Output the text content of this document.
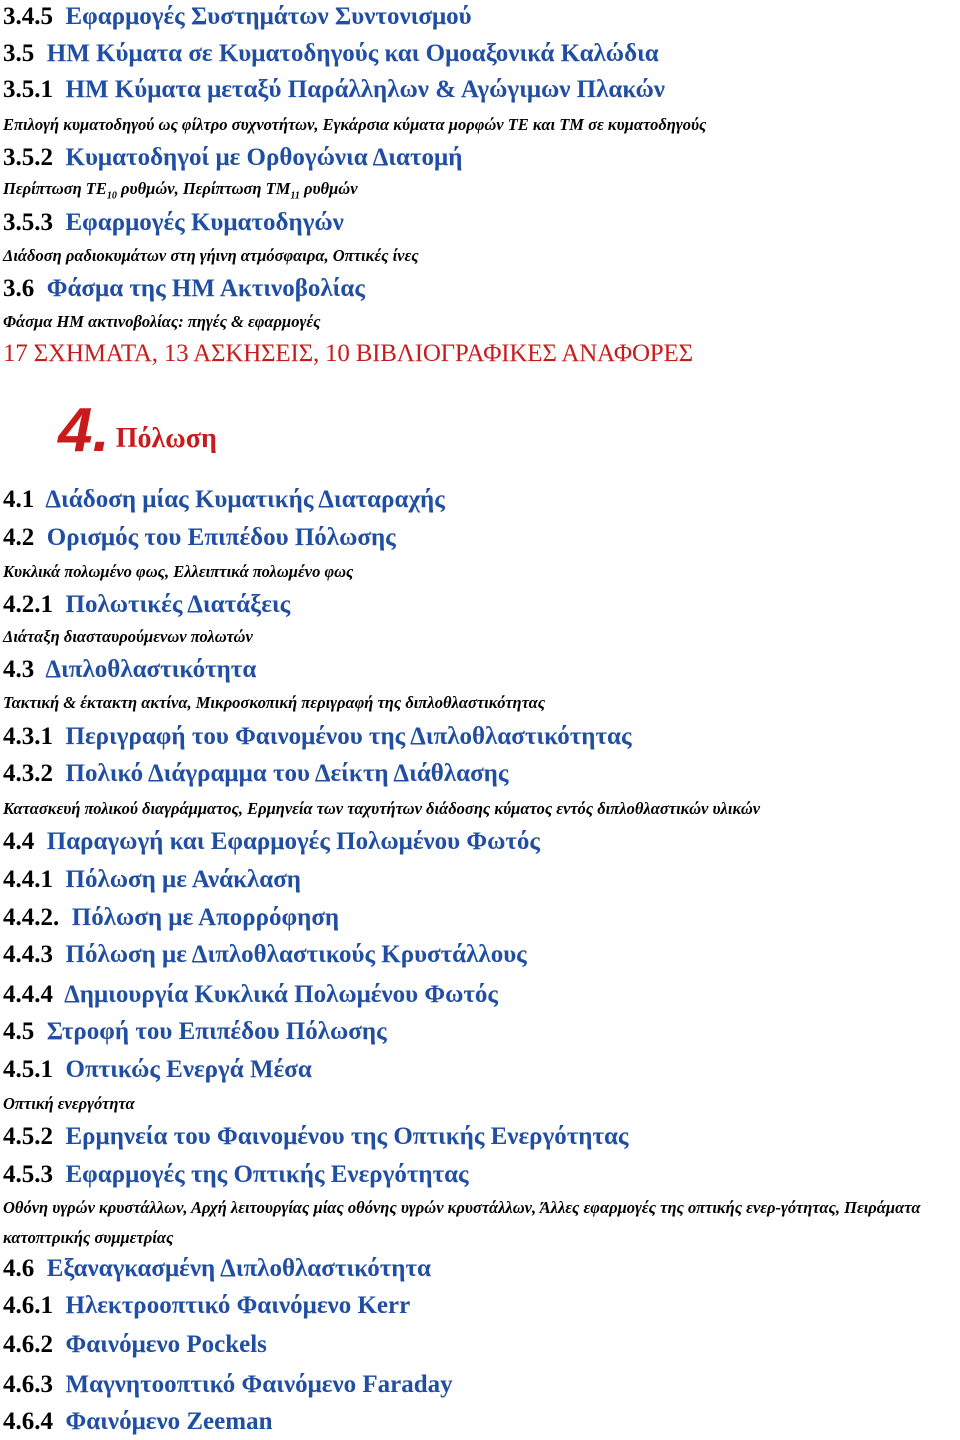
3.4.5 Εφαρμογές Συστημάτων Συντονισμού
3.5 ΗΜ Κύματα σε Κυματοδηγούς και Ομοαξονικά Καλώδια
3.5.1 ΗΜ Κύματα μεταξύ Παράλληλων & Αγώγιμων Πλακών
Επιλογή κυματοδηγού ως φίλτρο συχνοτήτων, Εγκάρσια κύματα μορφών ΤΕ και ΤΜ σε κυματοδηγούς
3.5.2 Κυματοδηγοί με Ορθογώνια Διατομή
Περίπτωση $TE_{10}$ ρυθμών, Περίπτωση $TM_{11}$ ρυθμών
3.5.3 Εφαρμογές Κυματοδηγών
Διάδοση ραδιοκυμάτων στη γήινη ατμόσφαιρα, Οπτικές ίνες
3.6 Φάσμα της ΗΜ Ακτινοβολίας
Φάσμα ΗΜ ακτινοβολίας: πηγές & εφαρμογές
17 ΣΧΗΜΑΤΑ, 13 ΑΣΚΗΣΕΙΣ, 10 ΒΙΒΛΙΟΓΡΑΦΙΚΕΣ ΑΝΑΦΟΡΕΣ
4. Πόλωση
4.1 Διάδοση μίας Κυματικής Διαταραχής
4.2 Ορισμός του Επιπέδου Πόλωσης
Κυκλικά πολωμένο φως, Ελλειπτικά πολωμένο φως
4.2.1 Πολωτικές Διατάξεις
Διάταξη διασταυρούμενων πολωτών
4.3 Διπλοθλαστικότητα
Τακτική & έκτακτη ακτίνα, Μικροσκοπική περιγραφή της διπλοθλαστικότητας
4.3.1 Περιγραφή του Φαινομένου της Διπλοθλαστικότητας
4.3.2 Πολικό Διάγραμμα του Δείκτη Διάθλασης
Κατασκευή πολικού διαγράμματος, Ερμηνεία των ταχυτήτων διάδοσης κύματος εντός διπλοθλαστικών υλικών
4.4 Παραγωγή και Εφαρμογές Πολωμένου Φωτός
4.4.1 Πόλωση με Ανάκλαση
4.4.2. Πόλωση με Απορρόφηση
4.4.3 Πόλωση με Διπλοθλαστικούς Κρυστάλλους
4.4.4 Δημιουργία Κυκλικά Πολωμένου Φωτός
4.5 Στροφή του Επιπέδου Πόλωσης
4.5.1 Οπτικώς Ενεργά Μέσα
Οπτική ενεργότητα
4.5.2 Ερμηνεία του Φαινομένου της Οπτικής Ενεργότητας
4.5.3 Εφαρμογές της Οπτικής Ενεργότητας
Οθόνη υγρών κρυστάλλων, Αρχή λειτουργίας μίας οθόνης υγρών κρυστάλλων, Άλλες εφαρμογές της οπτικής ενερ-γότητας, Πειράματα κατοπτρικής συμμετρίας
4.6 Εξαναγκασμένη Διπλοθλαστικότητα
4.6.1 Ηλεκτροοπτικό Φαινόμενο Kerr
4.6.2 Φαινόμενο Pockels
4.6.3 Μαγνητοοπτικό Φαινόμενο Faraday
4.6.4 Φαινόμενο Zeeman
